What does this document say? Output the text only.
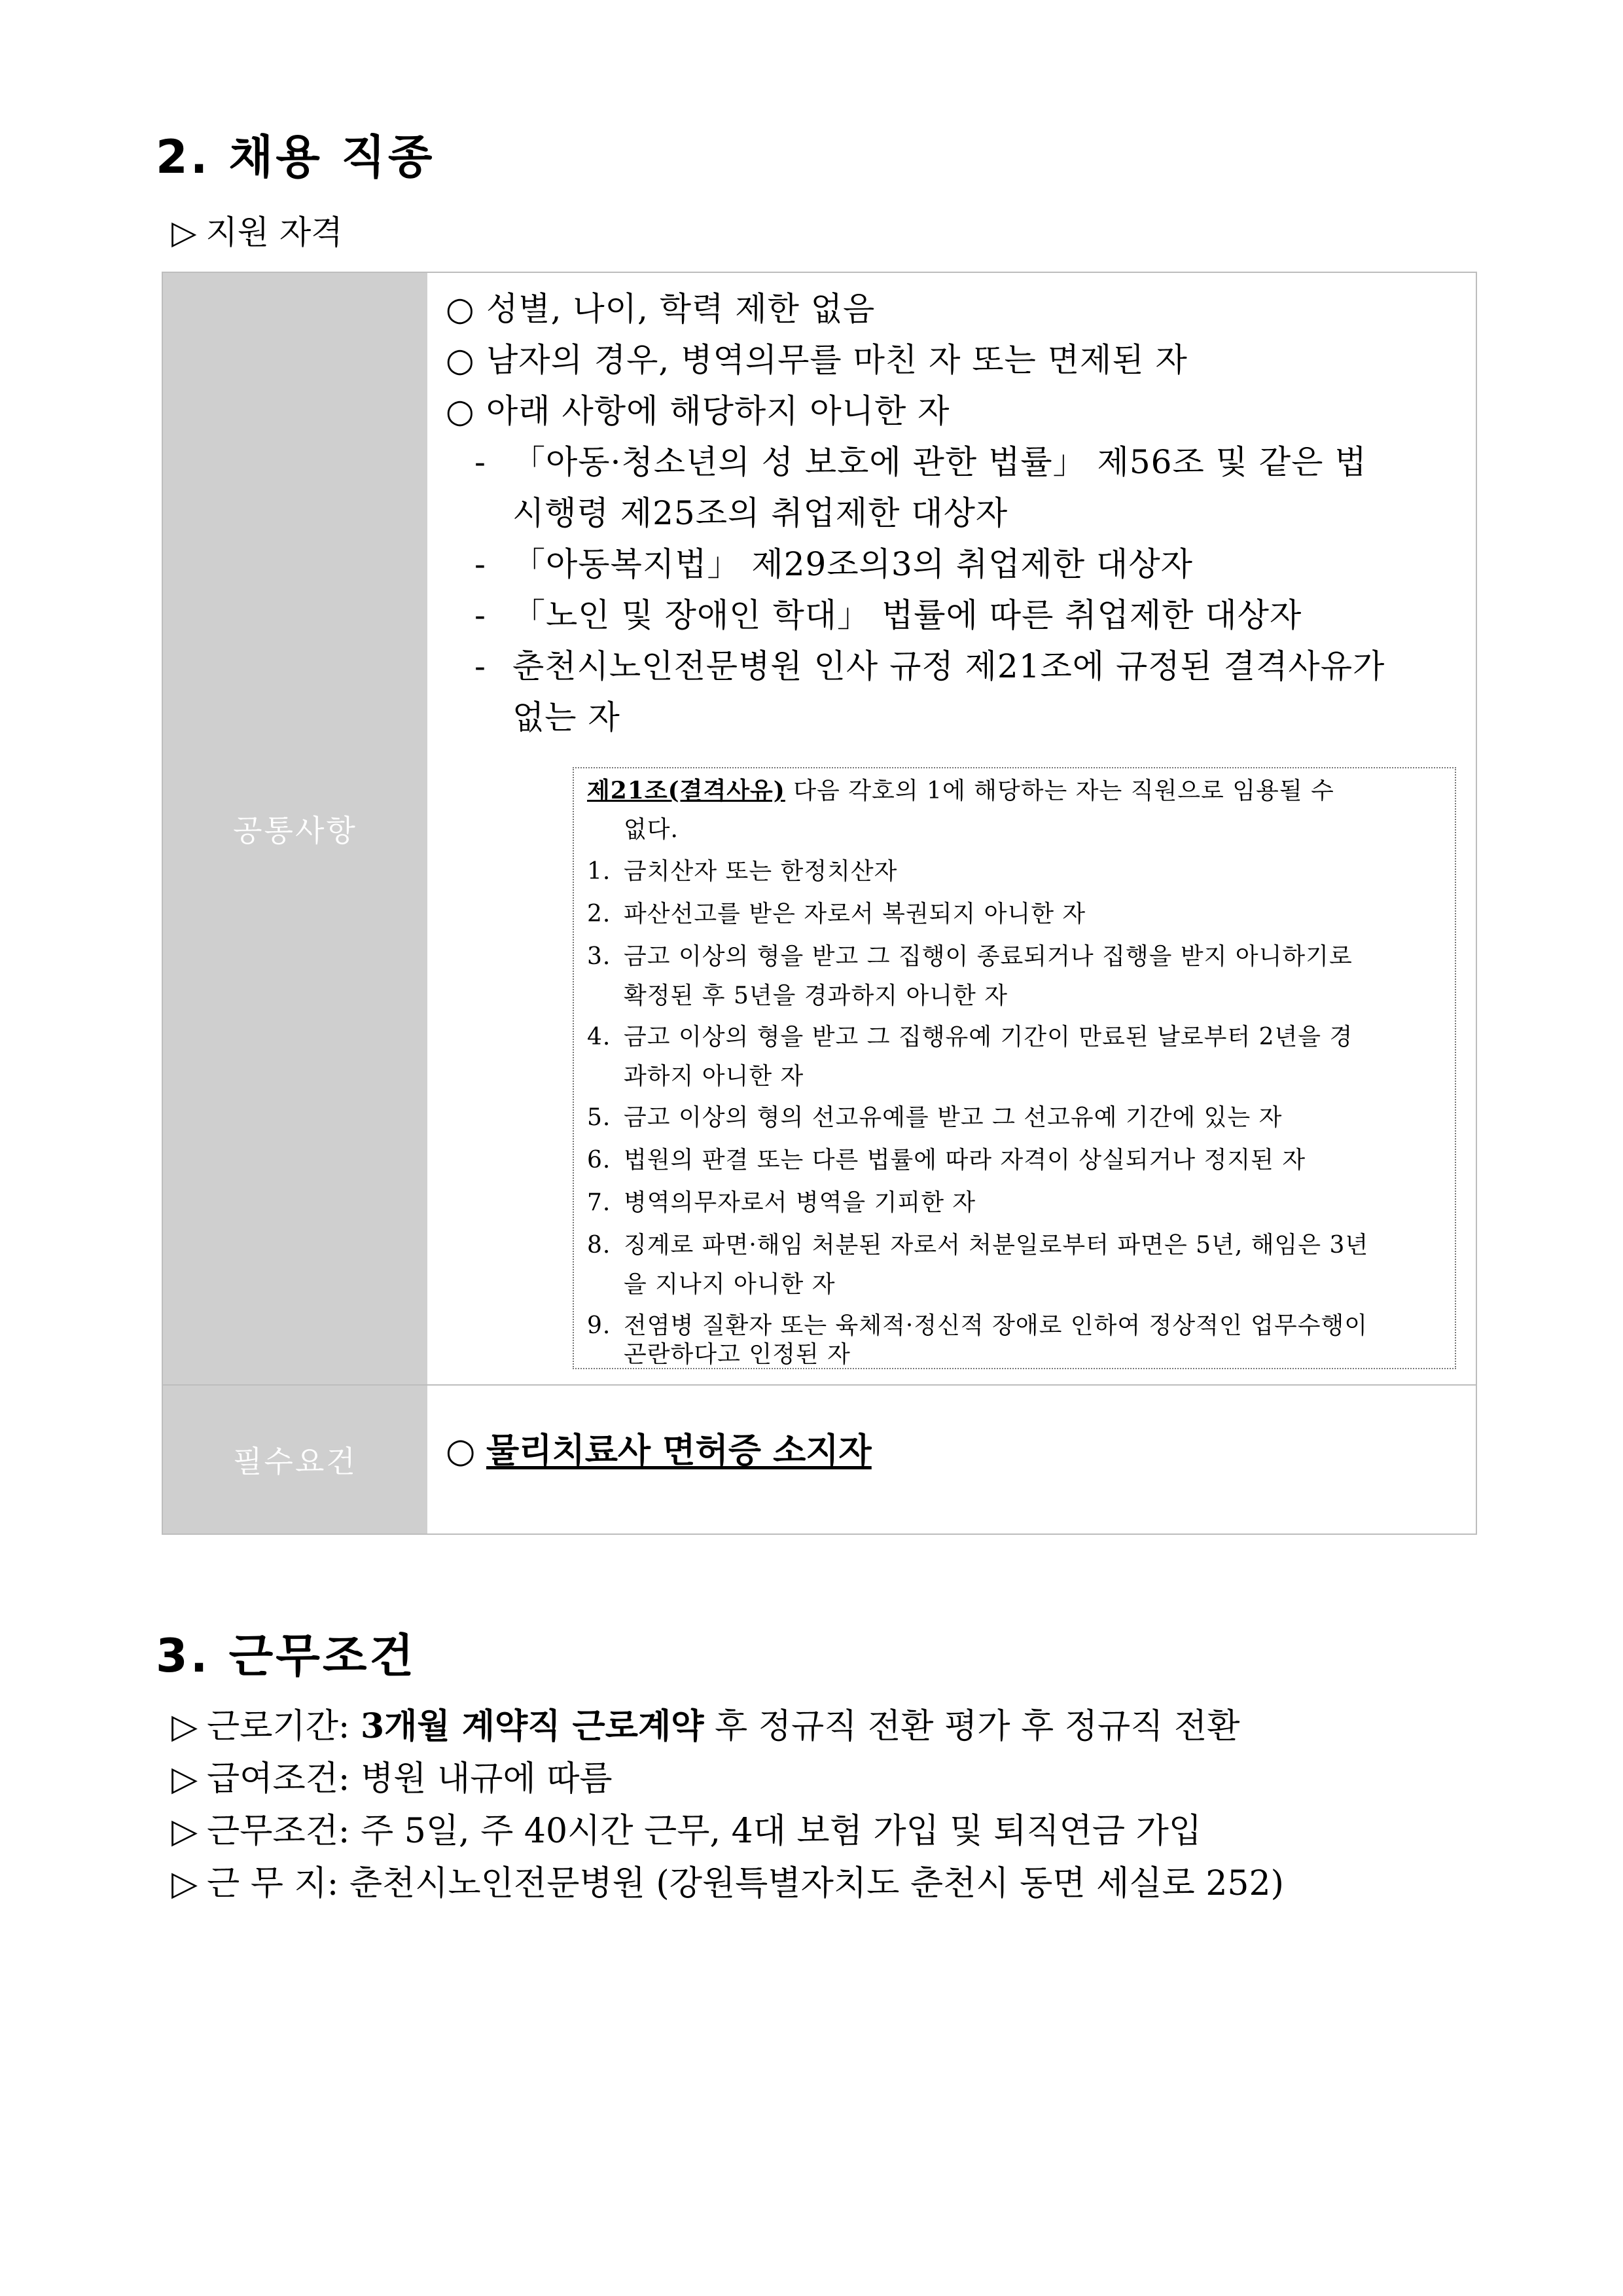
2. 채용 직종
▷ 지원 자격
공통사항
○ 성별, 나이, 학력 제한 없음
○ 남자의 경우, 병역의무를 마친 자 또는 면제된 자
○ 아래 사항에 해당하지 아니한 자
- 「아동·청소년의 성 보호에 관한 법률」 제56조 및 같은 법
시행령 제25조의 취업제한 대상자
- 「아동복지법」 제29조의3의 취업제한 대상자
- 「노인 및 장애인 학대」 법률에 따른 취업제한 대상자
- 춘천시노인전문병원 인사 규정 제21조에 규정된 결격사유가
없는 자
필수요건	○ 물리치료사 면허증 소지자
제21조(결격사유) 다음 각호의 1에 해당하는 자는 직원으로 임용될 수
없다.
1. 금치산자 또는 한정치산자
2. 파산선고를 받은 자로서 복권되지 아니한 자
3. 금고 이상의 형을 받고 그 집행이 종료되거나 집행을 받지 아니하기로
확정된 후 5년을 경과하지 아니한 자
4. 금고 이상의 형을 받고 그 집행유예 기간이 만료된 날로부터 2년을 경
과하지 아니한 자
5. 금고 이상의 형의 선고유예를 받고 그 선고유예 기간에 있는 자
6. 법원의 판결 또는 다른 법률에 따라 자격이 상실되거나 정지된 자
7. 병역의무자로서 병역을 기피한 자
8. 징계로 파면·해임 처분된 자로서 처분일로부터 파면은 5년, 해임은 3년
을 지나지 아니한 자
9. 전염병 질환자 또는 육체적·정신적 장애로 인하여 정상적인 업무수행이
곤란하다고 인정된 자
3. 근무조건
▷ 근로기간: 3개월 계약직 근로계약 후 정규직 전환 평가 후 정규직 전환
▷ 급여조건: 병원 내규에 따름
▷ 근무조건: 주 5일, 주 40시간 근무, 4대 보험 가입 및 퇴직연금 가입
▷ 근 무 지: 춘천시노인전문병원 (강원특별자치도 춘천시 동면 세실로 252)
